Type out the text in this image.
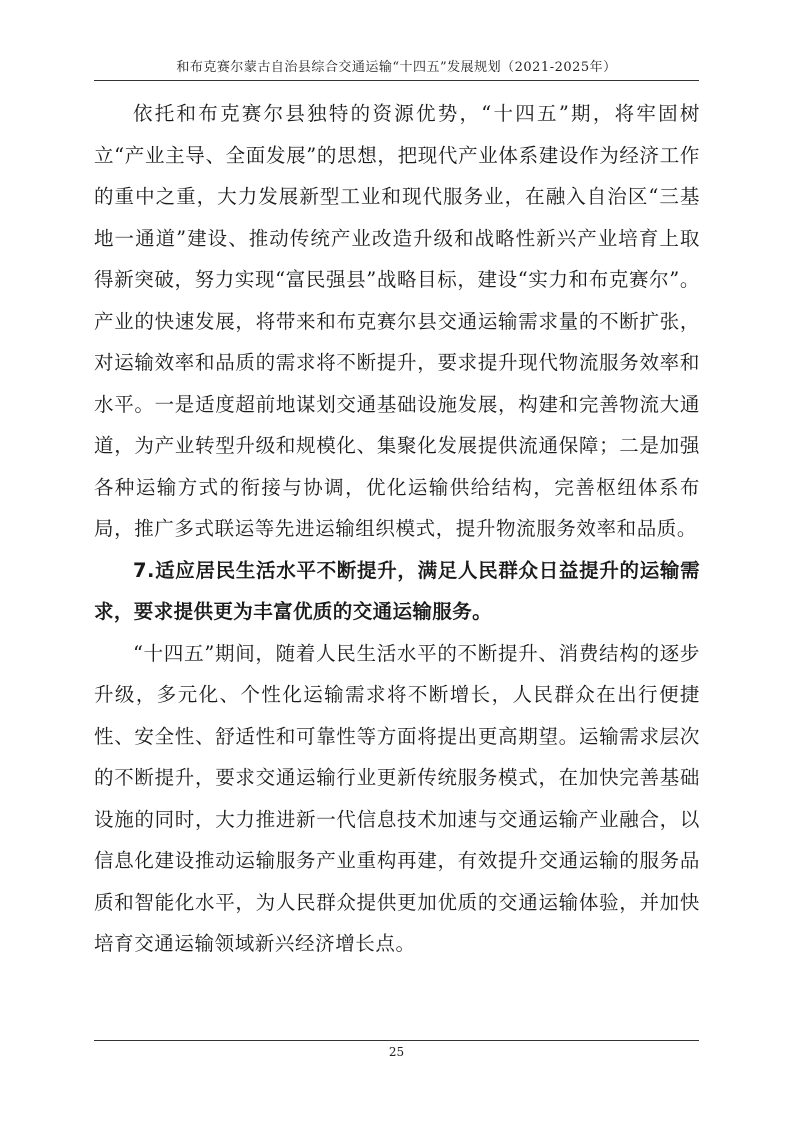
和布克赛尔蒙古自治县综合交通运输“十四五”发展规划（2021-2025年）

依托和布克赛尔县独特的资源优势，“十四五”期，将牢固树立“产业主导、全面发展”的思想，把现代产业体系建设作为经济工作的重中之重，大力发展新型工业和现代服务业，在融入自治区“三基地一通道”建设、推动传统产业改造升级和战略性新兴产业培育上取得新突破，努力实现“富民强县”战略目标，建设“实力和布克赛尔”。产业的快速发展，将带来和布克赛尔县交通运输需求量的不断扩张，对运输效率和品质的需求将不断提升，要求提升现代物流服务效率和水平。一是适度超前地谋划交通基础设施发展，构建和完善物流大通道，为产业转型升级和规模化、集聚化发展提供流通保障；二是加强各种运输方式的衔接与协调，优化运输供给结构，完善枢纽体系布局，推广多式联运等先进运输组织模式，提升物流服务效率和品质。

7.适应居民生活水平不断提升，满足人民群众日益提升的运输需求，要求提供更为丰富优质的交通运输服务。

“十四五”期间，随着人民生活水平的不断提升、消费结构的逐步升级，多元化、个性化运输需求将不断增长，人民群众在出行便捷性、安全性、舒适性和可靠性等方面将提出更高期望。运输需求层次的不断提升，要求交通运输行业更新传统服务模式，在加快完善基础设施的同时，大力推进新一代信息技术加速与交通运输产业融合，以信息化建设推动运输服务产业重构再建，有效提升交通运输的服务品质和智能化水平，为人民群众提供更加优质的交通运输体验，并加快培育交通运输领域新兴经济增长点。

25
